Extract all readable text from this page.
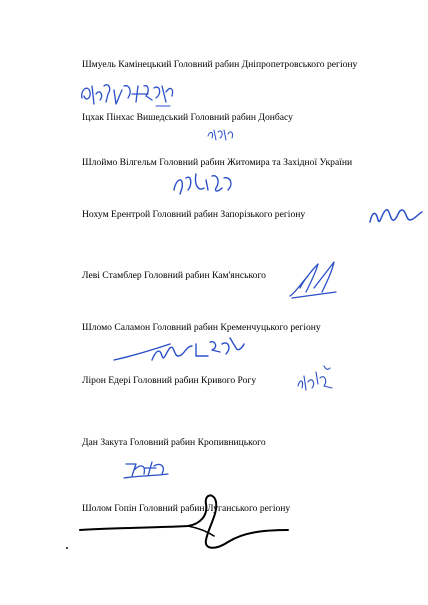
Шмуель Камінецький Головний рабин Дніпропетровського регіону
Іцхак Пінхас Вишедський Головний рабин Донбасу
Шлоймо Вілгельм Головний рабин Житомира та Західної України
Нохум Ерентрой Головний рабин Запорізького регіону
Леві Стамблер Головний рабин Кам'янського
Шломо Саламон Головний рабин Кременчуцького регіону
Ліpон Едері Головний рабин Кривого Рогу
Дан Закута Головний рабин Кропивницького
Шолом Гопін Головний рабин Луганського регіону
